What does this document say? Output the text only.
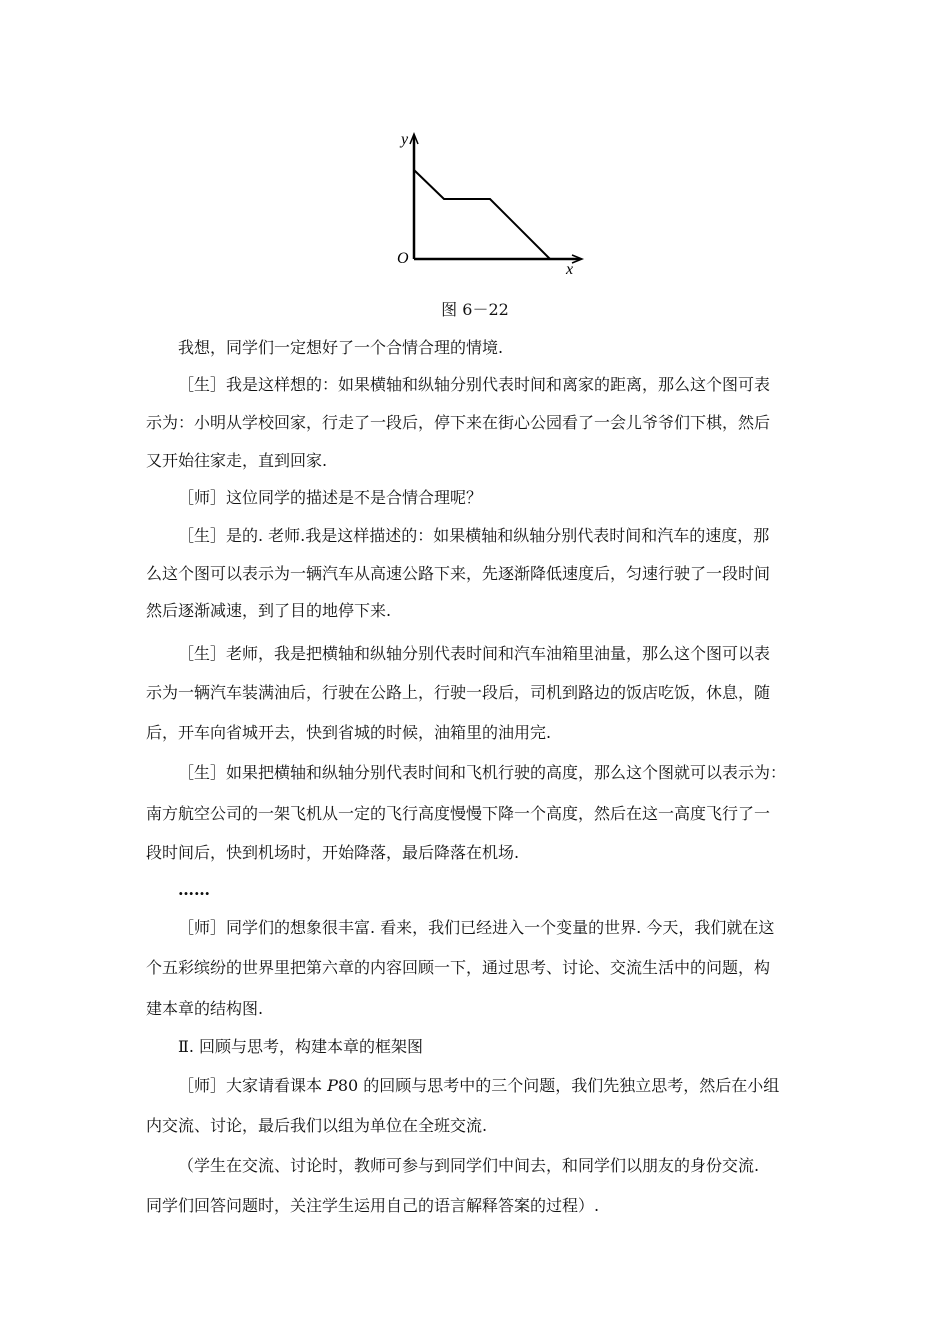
y
x
O
图 6－22
我想，同学们一定想好了一个合情合理的情境.
［生］我是这样想的：如果横轴和纵轴分别代表时间和离家的距离，那么这个图可表
示为：小明从学校回家，行走了一段后，停下来在街心公园看了一会儿爷爷们下棋，然后
又开始往家走，直到回家.
［师］这位同学的描述是不是合情合理呢？
［生］是的. 老师.我是这样描述的：如果横轴和纵轴分别代表时间和汽车的速度，那
么这个图可以表示为一辆汽车从高速公路下来，先逐渐降低速度后，匀速行驶了一段时间
然后逐渐减速，到了目的地停下来.
［生］老师，我是把横轴和纵轴分别代表时间和汽车油箱里油量，那么这个图可以表
示为一辆汽车装满油后，行驶在公路上，行驶一段后，司机到路边的饭店吃饭，休息，随
后，开车向省城开去，快到省城的时候，油箱里的油用完.
［生］如果把横轴和纵轴分别代表时间和飞机行驶的高度，那么这个图就可以表示为：
南方航空公司的一架飞机从一定的飞行高度慢慢下降一个高度，然后在这一高度飞行了一
段时间后，快到机场时，开始降落，最后降落在机场.
……
［师］同学们的想象很丰富. 看来，我们已经进入一个变量的世界. 今天，我们就在这
个五彩缤纷的世界里把第六章的内容回顾一下，通过思考、讨论、交流生活中的问题，构
建本章的结构图.
Ⅱ. 回顾与思考，构建本章的框架图
［师］大家请看课本 P80 的回顾与思考中的三个问题，我们先独立思考，然后在小组
内交流、讨论，最后我们以组为单位在全班交流.
（学生在交流、讨论时，教师可参与到同学们中间去，和同学们以朋友的身份交流.
同学们回答问题时，关注学生运用自己的语言解释答案的过程）.
